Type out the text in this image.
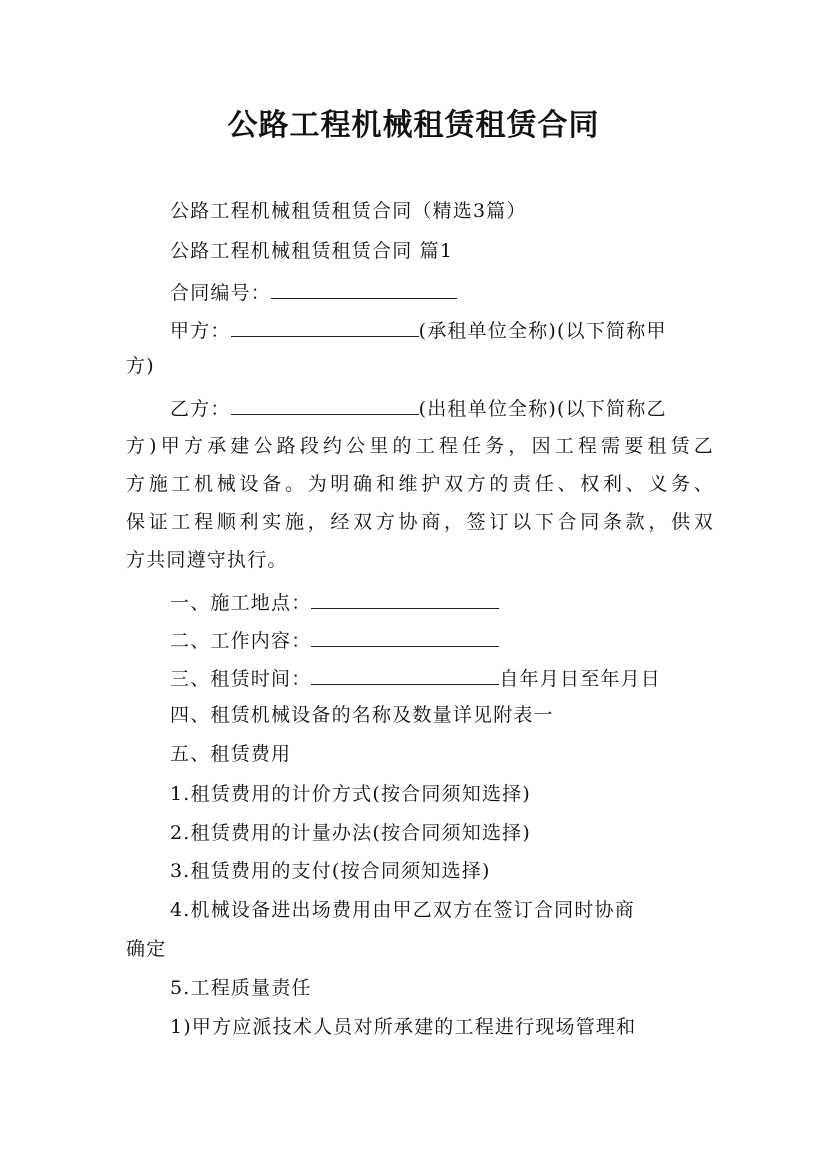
公路工程机械租赁租赁合同
公路工程机械租赁租赁合同（精选3篇）
公路工程机械租赁租赁合同 篇1
合同编号：
甲方：	(承租单位全称)(以下简称甲
方)
乙方：	(出租单位全称)(以下简称乙
方)甲方承建公路段约公里的工程任务，因工程需要租赁乙
方施工机械设备。为明确和维护双方的责任、权利、义务、
保证工程顺利实施，经双方协商，签订以下合同条款，供双
方共同遵守执行。
一、施工地点：
二、工作内容：
三、租赁时间：	自年月日至年月日
四、租赁机械设备的名称及数量详见附表一
五、租赁费用
1.租赁费用的计价方式(按合同须知选择)
2.租赁费用的计量办法(按合同须知选择)
3.租赁费用的支付(按合同须知选择)
4.机械设备进出场费用由甲乙双方在签订合同时协商
确定
5.工程质量责任
1)甲方应派技术人员对所承建的工程进行现场管理和
